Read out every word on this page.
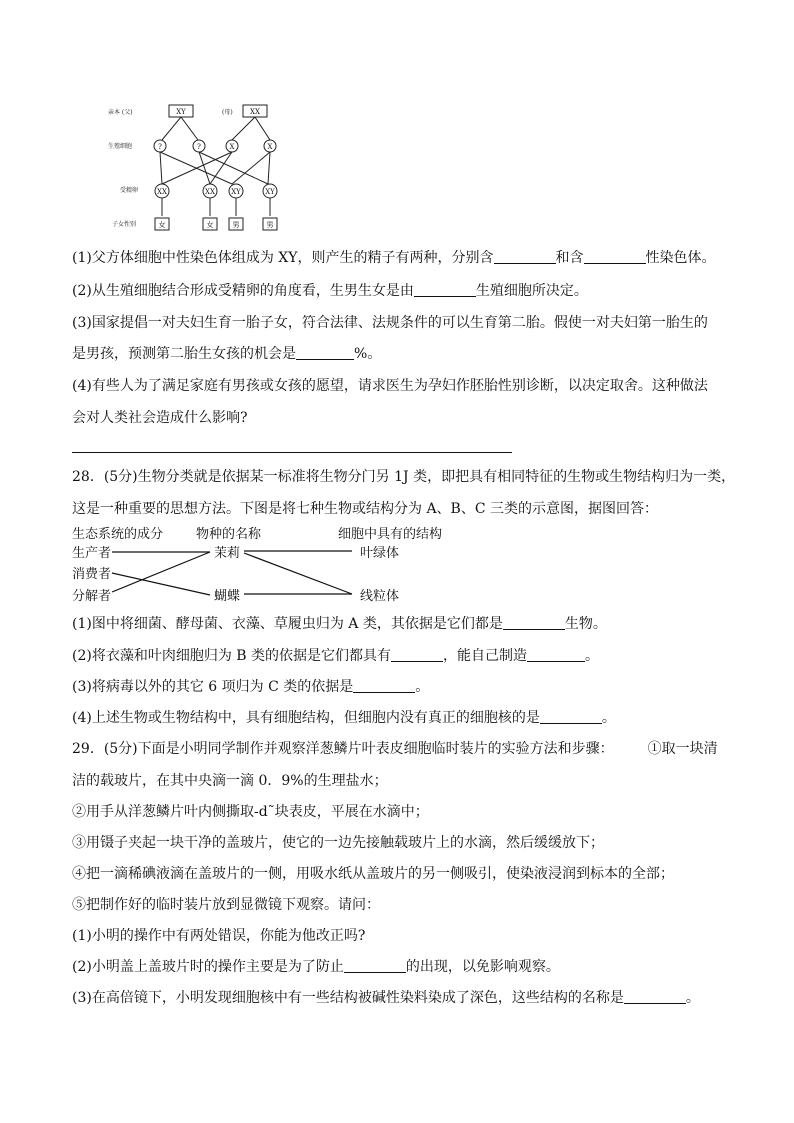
亲本 (父)	(母)
生殖细胞
受精卵
子女性别
XY	XX
?	?	X	X
XX	XX XY	XY
女	女	男	男
(1)父方体细胞中性染色体组成为 XY，则产生的精子有两种，分别含	和含	性染色体。
(2)从生殖细胞结合形成受精卵的角度看，生男生女是由	生殖细胞所决定。
(3)国家提倡一对夫妇生育一胎子女，符合法律、法规条件的可以生育第二胎。假使一对夫妇第一胎生的
是男孩，预测第二胎生女孩的机会是	%。
(4)有些人为了满足家庭有男孩或女孩的愿望，请求医生为孕妇作胚胎性别诊断，以决定取舍。这种做法
会对人类社会造成什么影响?
28．(5分)生物分类就是依据某一标准将生物分门另 1J 类，即把具有相同特征的生物或生物结构归为一类，
这是一种重要的思想方法。下图是将七种生物或结构分为 A、B、C 三类的示意图，据图回答：
生态系统的成分	物种的名称	细胞中具有的结构
生产者
消费者
分解者
茉莉
蝴蝶
叶绿体
线粒体
(1)图中将细菌、酵母菌、衣藻、草履虫归为 A 类，其依据是它们都是	生物。
(2)将衣藻和叶肉细胞归为 B 类的依据是它们都具有	，能自己制造	。
(3)将病毒以外的其它 6 项归为 C 类的依据是	。
(4)上述生物或生物结构中，具有细胞结构，但细胞内没有真正的细胞核的是	。
29．(5分)下面是小明同学制作并观察洋葱鳞片叶表皮细胞临时装片的实验方法和步骤： ①取一块清
洁的载玻片，在其中央滴一滴 0．9%的生理盐水；
②用手从洋葱鳞片叶内侧撕取-d˜块表皮，平展在水滴中；
③用镊子夹起一块干净的盖玻片，使它的一边先接触载玻片上的水滴，然后缓缓放下；
④把一滴稀碘液滴在盖玻片的一侧，用吸水纸从盖玻片的另一侧吸引，使染液浸润到标本的全部；
⑤把制作好的临时装片放到显微镜下观察。请问：
(1)小明的操作中有两处错误，你能为他改正吗?
(2)小明盖上盖玻片时的操作主要是为了防止	的出现，以免影响观察。
(3)在高倍镜下，小明发现细胞核中有一些结构被碱性染料染成了深色，这些结构的名称是	。
